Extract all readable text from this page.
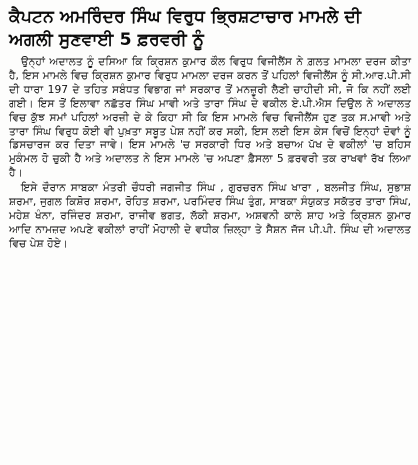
ਕੈਪਟਨ ਅਮਰਿੰਦਰ ਸਿੰਘ ਵਿਰੁਧ ਭ੍ਰਿਸ਼ਟਾਚਾਰ ਮਾਮਲੇ ਦੀ ਅਗਲੀ ਸੁਣਵਾਈ 5 ਫ਼ਰਵਰੀ ਨੂੰ

ਉਨ੍ਹਾਂ ਅਦਾਲਤ ਨੂੰ ਦਸਿਆ ਕਿ ਕ੍ਰਿਸ਼ਨ ਕੁਮਾਰ ਕੌਲ ਵਿਰੁਧ ਵਿਜੀਲੈਂਸ ਨੇ ਗ਼ਲਤ ਮਾਮਲਾ ਦਰਜ ਕੀਤਾ ਹੈ, ਇਸ ਮਾਮਲੇ ਵਿਚ ਕ੍ਰਿਸ਼ਨ ਕੁਮਾਰ ਵਿਰੁਧ ਮਾਮਲਾ ਦਰਜ ਕਰਨ ਤੋਂ ਪਹਿਲਾਂ ਵਿਜੀਲੈਂਸ ਨੂੰ ਸੀ.ਆਰ.ਪੀ.ਸੀ ਦੀ ਧਾਰਾ 197 ਦੇ ਤਹਿਤ ਸਬੰਧਤ ਵਿਭਾਗ ਜਾਂ ਸਰਕਾਰ ਤੋਂ ਮਨਜ਼ੂਰੀ ਲੈਣੀ ਚਾਹੀਦੀ ਸੀ, ਜੋ ਕਿ ਨਹੀਂ ਲਈ ਗਈ। ਇਸ ਤੋਂ ਇਲਾਵਾ ਨਛੱਤਰ ਸਿੰਘ ਮਾਵੀ ਅਤੇ ਤਾਰਾ ਸਿੰਘ ਦੇ ਵਕੀਲ ਏ.ਪੀ.ਐਸ ਦਿਉਲ ਨੇ ਅਦਾਲਤ ਵਿਚ ਕੁੱਝ ਸਮਾਂ ਪਹਿਲਾਂ ਅਰਜ਼ੀ ਦੇ ਕੇ ਕਿਹਾ ਸੀ ਕਿ ਇਸ ਮਾਮਲੇ ਵਿਚ ਵਿਜੀਲੈਂਸ ਹੁਣ ਤਕ ਸ.ਮਾਵੀ ਅਤੇ ਤਾਰਾ ਸਿੰਘ ਵਿਰੁਧ ਕੋਈ ਵੀ ਪੁਖ਼ਤਾ ਸਬੂਤ ਪੇਸ਼ ਨਹੀਂ ਕਰ ਸਕੀ, ਇਸ ਲਈ ਇਸ ਕੇਸ ਵਿਚੋਂ ਇਨ੍ਹਾਂ ਦੋਵਾਂ ਨੂੰ ਡਿਸਚਾਰਜ ਕਰ ਦਿਤਾ ਜਾਵੇ। ਇਸ ਮਾਮਲੇ 'ਚ ਸਰਕਾਰੀ ਧਿਰ ਅਤੇ ਬਚਾਅ ਪੱਖ ਦੇ ਵਕੀਲਾਂ 'ਚ ਬਹਿਸ ਮੁਕੰਮਲ ਹੋ ਚੁਕੀ ਹੈ ਅਤੇ ਅਦਾਲਤ ਨੇ ਇਸ ਮਾਮਲੇ 'ਚ ਅਪਣਾ ਫ਼ੈਸਲਾ 5 ਫ਼ਰਵਰੀ ਤਕ ਰਾਖਵਾਂ ਰੱਖ ਲਿਆ ਹੈ।

ਇਸੇ ਦੌਰਾਨ ਸਾਬਕਾ ਮੰਤਰੀ ਚੌਧਰੀ ਜਗਜੀਤ ਸਿੰਘ , ਗੁਰਚਰਨ ਸਿੰਘ ਖਾਰਾ , ਬਲਜੀਤ ਸਿੰਘ, ਸੁਭਾਸ਼ ਸ਼ਰਮਾ, ਜੁਗਲ ਕਿਸ਼ੋਰ ਸ਼ਰਮਾ, ਰੋਹਿਤ ਸ਼ਰਮਾ, ਪਰਮਿੰਦਰ ਸਿੰਘ ਤੁੰਗ, ਸਾਬਕਾ ਸੰਯੁਕਤ ਸਕੱਤਰ ਤਾਰਾ ਸਿੰਘ, ਮਹੇਸ਼ ਖੰਨਾ, ਰਜਿੰਦਰ ਸ਼ਰਮਾ, ਰਾਜੀਵ ਭਗਤ, ਲੱਕੀ ਸ਼ਰਮਾ, ਅਸ਼ਵਨੀ ਕਾਲੇ ਸ਼ਾਹ ਅਤੇ ਕ੍ਰਿਸ਼ਨ ਕੁਮਾਰ ਆਦਿ ਨਾਮਜ਼ਦ ਅਪਣੇ ਵਕੀਲਾਂ ਰਾਹੀਂ ਮੋਹਾਲੀ ਦੇ ਵਧੀਕ ਜ਼ਿਲ੍ਹਾ ਤੇ ਸੈਸ਼ਨ ਜੱਜ ਪੀ.ਪੀ. ਸਿੰਘ ਦੀ ਅਦਾਲਤ ਵਿਚ ਪੇਸ਼ ਹੋਏ।
